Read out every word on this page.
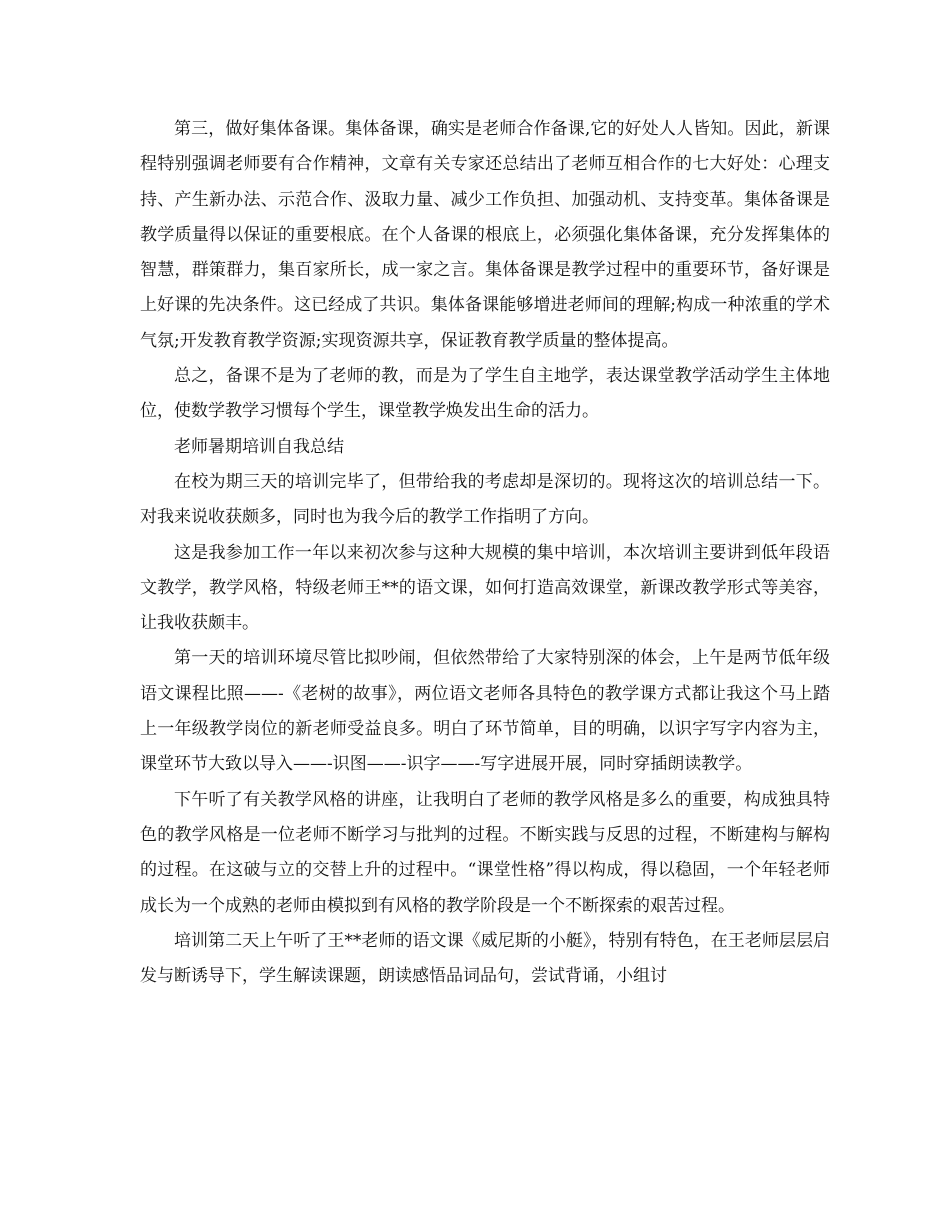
第三，做好集体备课。集体备课，确实是老师合作备课,它的好处人人皆知。因此，新课程特别强调老师要有合作精神，文章有关专家还总结出了老师互相合作的七大好处：心理支持、产生新办法、示范合作、汲取力量、减少工作负担、加强动机、支持变革。集体备课是教学质量得以保证的重要根底。在个人备课的根底上，必须强化集体备课，充分发挥集体的智慧，群策群力，集百家所长，成一家之言。集体备课是教学过程中的重要环节，备好课是上好课的先决条件。这已经成了共识。集体备课能够增进老师间的理解;构成一种浓重的学术气氛;开发教育教学资源;实现资源共享，保证教育教学质量的整体提高。

总之，备课不是为了老师的教，而是为了学生自主地学，表达课堂教学活动学生主体地位，使数学教学习惯每个学生，课堂教学焕发出生命的活力。

老师暑期培训自我总结

在校为期三天的培训完毕了，但带给我的考虑却是深切的。现将这次的培训总结一下。对我来说收获颇多，同时也为我今后的教学工作指明了方向。

这是我参加工作一年以来初次参与这种大规模的集中培训，本次培训主要讲到低年段语文教学，教学风格，特级老师王**的语文课，如何打造高效课堂，新课改教学形式等美容，让我收获颇丰。

第一天的培训环境尽管比拟吵闹，但依然带给了大家特别深的体会，上午是两节低年级语文课程比照——-《老树的故事》，两位语文老师各具特色的教学课方式都让我这个马上踏上一年级教学岗位的新老师受益良多。明白了环节简单，目的明确，以识字写字内容为主，课堂环节大致以导入——-识图——-识字——-写字进展开展，同时穿插朗读教学。

下午听了有关教学风格的讲座，让我明白了老师的教学风格是多么的重要，构成独具特色的教学风格是一位老师不断学习与批判的过程。不断实践与反思的过程，不断建构与解构的过程。在这破与立的交替上升的过程中。“课堂性格”得以构成，得以稳固，一个年轻老师成长为一个成熟的老师由模拟到有风格的教学阶段是一个不断探索的艰苦过程。

培训第二天上午听了王**老师的语文课《威尼斯的小艇》，特别有特色，在王老师层层启发与断诱导下，学生解读课题，朗读感悟品词品句，尝试背诵，小组讨
